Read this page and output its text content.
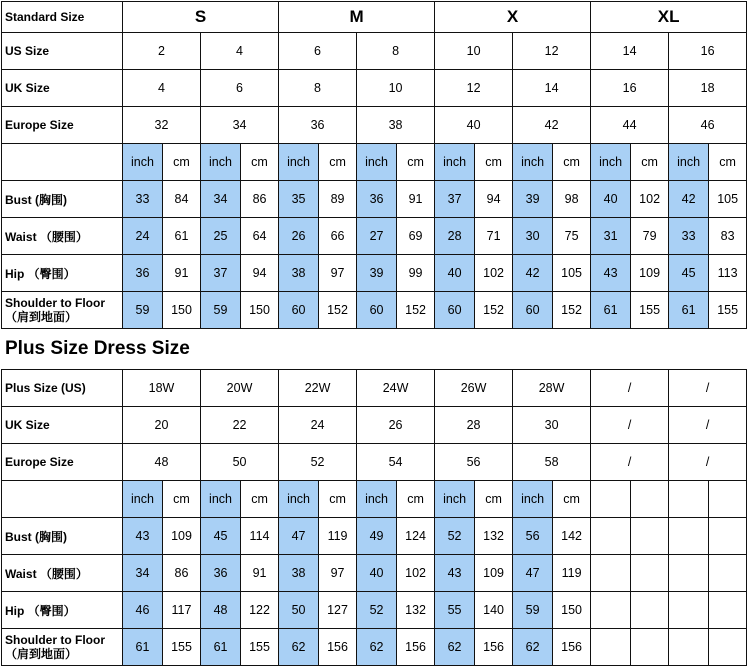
Standard Size	S				M				X				XL			
US Size	2		4		6		8		10		12		14		16	
UK Size	4		6		8		10		12		14		16		18	
Europe Size	32		34		36		38		40		42		44		46	
	inch	cm	inch	cm	inch	cm	inch	cm	inch	cm	inch	cm	inch	cm	inch	cm
Bust (胸围)	33	84	34	86	35	89	36	91	37	94	39	98	40	102	42	105
Waist （腰围）	24	61	25	64	26	66	27	69	28	71	30	75	31	79	33	83
Hip （臀围）	36	91	37	94	38	97	39	99	40	102	42	105	43	109	45	113
Shoulder to Floor （肩到地面）	59	150	59	150	60	152	60	152	60	152	60	152	61	155	61	155
Plus Size Dress Size
Plus Size (US)	18W		20W		22W		24W		26W		28W		/		/	
UK Size	20		22		24		26		28		30		/		/	
Europe Size	48		50		52		54		56		58		/		/	
	inch	cm	inch	cm	inch	cm	inch	cm	inch	cm	inch	cm				
Bust (胸围)	43	109	45	114	47	119	49	124	52	132	56	142				
Waist （腰围）	34	86	36	91	38	97	40	102	43	109	47	119				
Hip （臀围）	46	117	48	122	50	127	52	132	55	140	59	150				
Shoulder to Floor （肩到地面）	61	155	61	155	62	156	62	156	62	156	62	156				
